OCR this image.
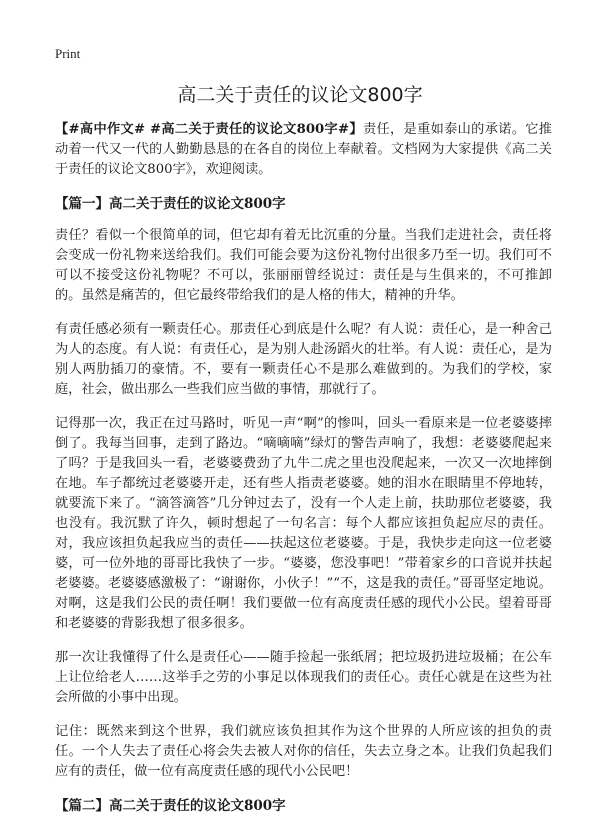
Print
高二关于责任的议论文800字

【#高中作文# #高二关于责任的议论文800字#】责任，是重如泰山的承诺。它推动着一代又一代的人勤勤恳恳的在各自的岗位上奉献着。文档网为大家提供《高二关于责任的议论文800字》，欢迎阅读。

【篇一】高二关于责任的议论文800字

责任？看似一个很简单的词，但它却有着无比沉重的分量。当我们走进社会，责任将会变成一份礼物来送给我们。我们可能会要为这份礼物付出很多乃至一切。我们可不可以不接受这份礼物呢？不可以，张丽丽曾经说过：责任是与生俱来的，不可推卸的。虽然是痛苦的，但它最终带给我们的是人格的伟大，精神的升华。

有责任感必须有一颗责任心。那责任心到底是什么呢？有人说：责任心，是一种舍己为人的态度。有人说：有责任心，是为别人赴汤蹈火的壮举。有人说：责任心，是为别人两肋插刀的豪情。不，要有一颗责任心不是那么难做到的。为我们的学校，家庭，社会，做出那么一些我们应当做的事情，那就行了。

记得那一次，我正在过马路时，听见一声“啊”的惨叫，回头一看原来是一位老婆婆摔倒了。我每当回事，走到了路边。“嘀嘀嘀”绿灯的警告声响了，我想：老婆婆爬起来了吗？于是我回头一看，老婆婆费劲了九牛二虎之里也没爬起来，一次又一次地摔倒在地。车子都统过老婆婆开走，还有些人指责老婆婆。她的泪水在眼睛里不停地转，就要流下来了。“滴答滴答”几分钟过去了，没有一个人走上前，扶助那位老婆婆，我也没有。我沉默了许久，顿时想起了一句名言：每个人都应该担负起应尽的责任。对，我应该担负起我应当的责任——扶起这位老婆婆。于是，我快步走向这一位老婆婆，可一位外地的哥哥比我快了一步。“婆婆，您没事吧！”带着家乡的口音说并扶起老婆婆。老婆婆感激极了：“谢谢你，小伙子！”“不，这是我的责任。”哥哥坚定地说。对啊，这是我们公民的责任啊！我们要做一位有高度责任感的现代小公民。望着哥哥和老婆婆的背影我想了很多很多。

那一次让我懂得了什么是责任心——随手捡起一张纸屑；把垃圾扔进垃圾桶；在公车上让位给老人……这举手之劳的小事足以体现我们的责任心。责任心就是在这些为社会所做的小事中出现。

记住：既然来到这个世界，我们就应该负担其作为这个世界的人所应该的担负的责任。一个人失去了责任心将会失去被人对你的信任，失去立身之本。让我们负起我们应有的责任，做一位有高度责任感的现代小公民吧！

【篇二】高二关于责任的议论文800字
